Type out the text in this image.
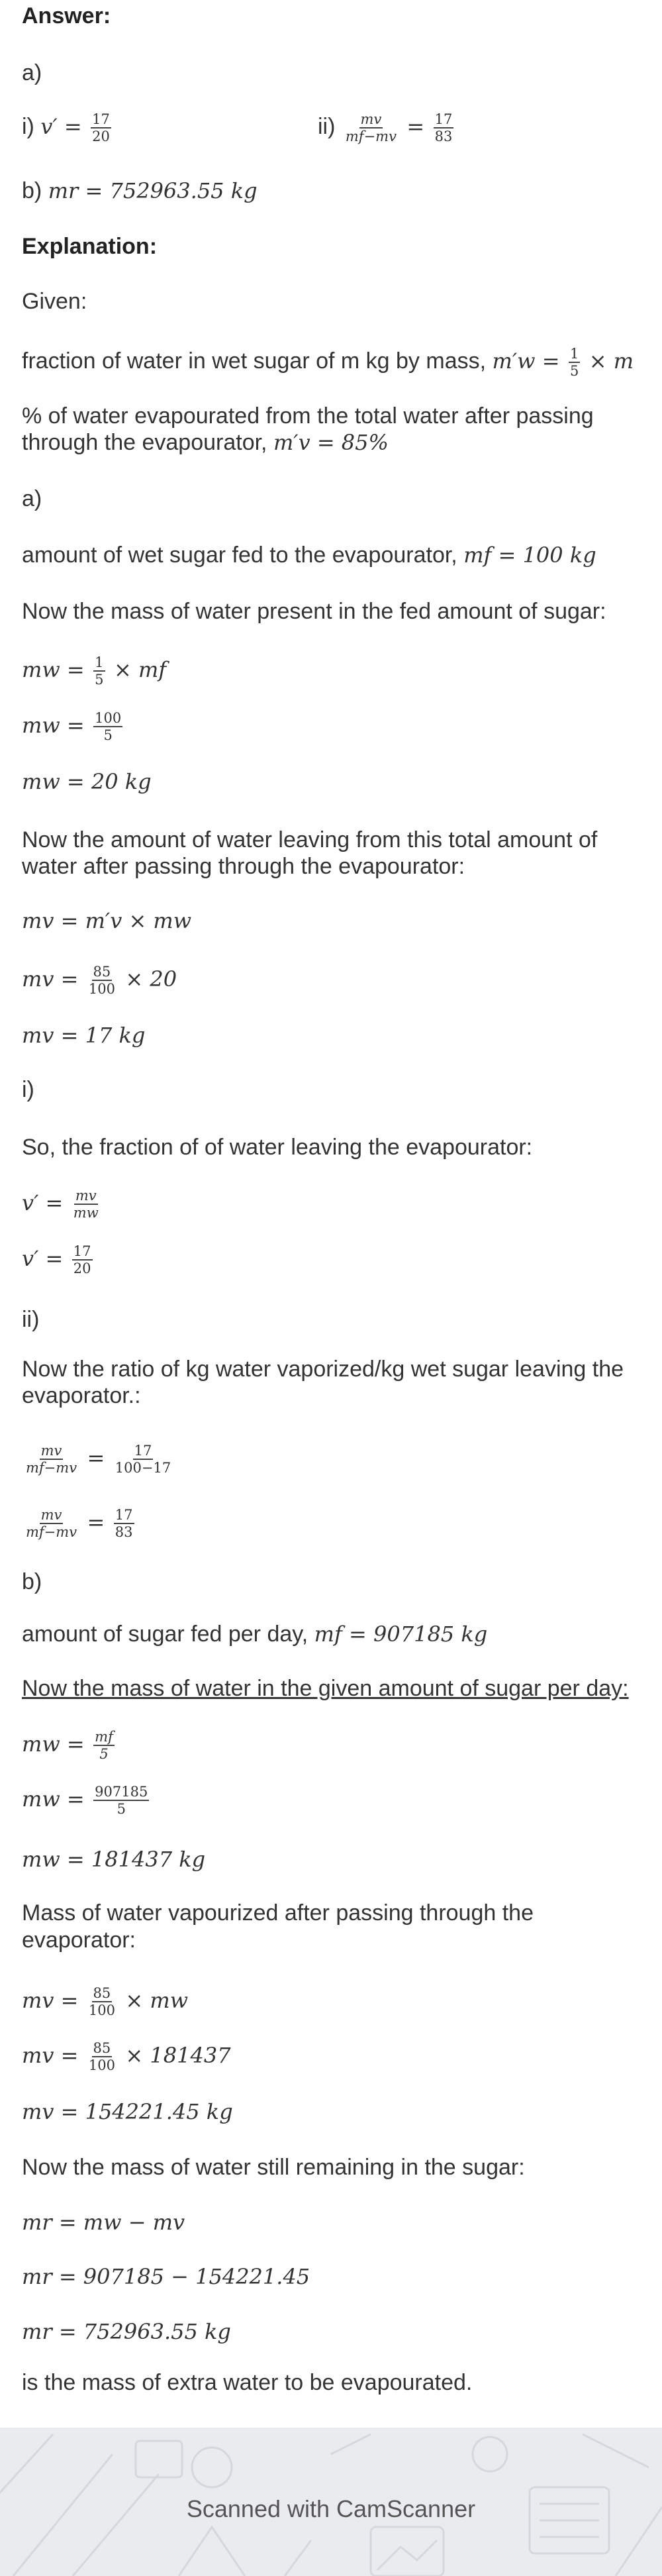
Answer:
a)
i) $v' = \frac{17}{20}$	$ii) \frac{mv}{mf-mv} = \frac{17}{83}$
b) mr = 752963.55 kg
Explanation:
Given:
fraction of water in wet sugar of m kg by mass, $m'w = \frac{1}{5} \times m$
% of water evapourated from the total water after passing
through the evapourator, m′v = 85%
a)
amount of wet sugar fed to the evapourator, mf = 100 kg
Now the mass of water present in the fed amount of sugar:
mw = $\frac{1}{5}$ × mf
mw = $\frac{100}{5}$
mw = 20 kg
Now the amount of water leaving from this total amount of
water after passing through the evapourator:
mv = m′v × mw
mv = $\frac{85}{100} \times 20$
mv = 17 kg
i)
So, the fraction of of water leaving the evapourator:
$v' = \frac{mv}{mw}$
$v' = \frac{17}{20}$
ii)
Now the ratio of kg water vaporized/kg wet sugar leaving the
evaporator.:
$\frac{mv}{mf-mv} = \frac{17}{100-17}$
$\frac{mv}{mf-mv} = \frac{17}{83}$
b)
amount of sugar fed per day, mf = 907185 kg
Now the mass of water in the given amount of sugar per day:
mw = $\frac{mf}{5}$
mw = $\frac{907185}{5}$
mw = 181437 kg
Mass of water vapourized after passing through the
evaporator:
mv = $\frac{85}{100}$ × mw
mv = $\frac{85}{100} \times 181437$
mv = 154221.45 kg
Now the mass of water still remaining in the sugar:
mr = mw − mv
mr = 907185 − 154221.45
mr = 752963.55 kg
is the mass of extra water to be evapourated.
Scanned with CamScanner
